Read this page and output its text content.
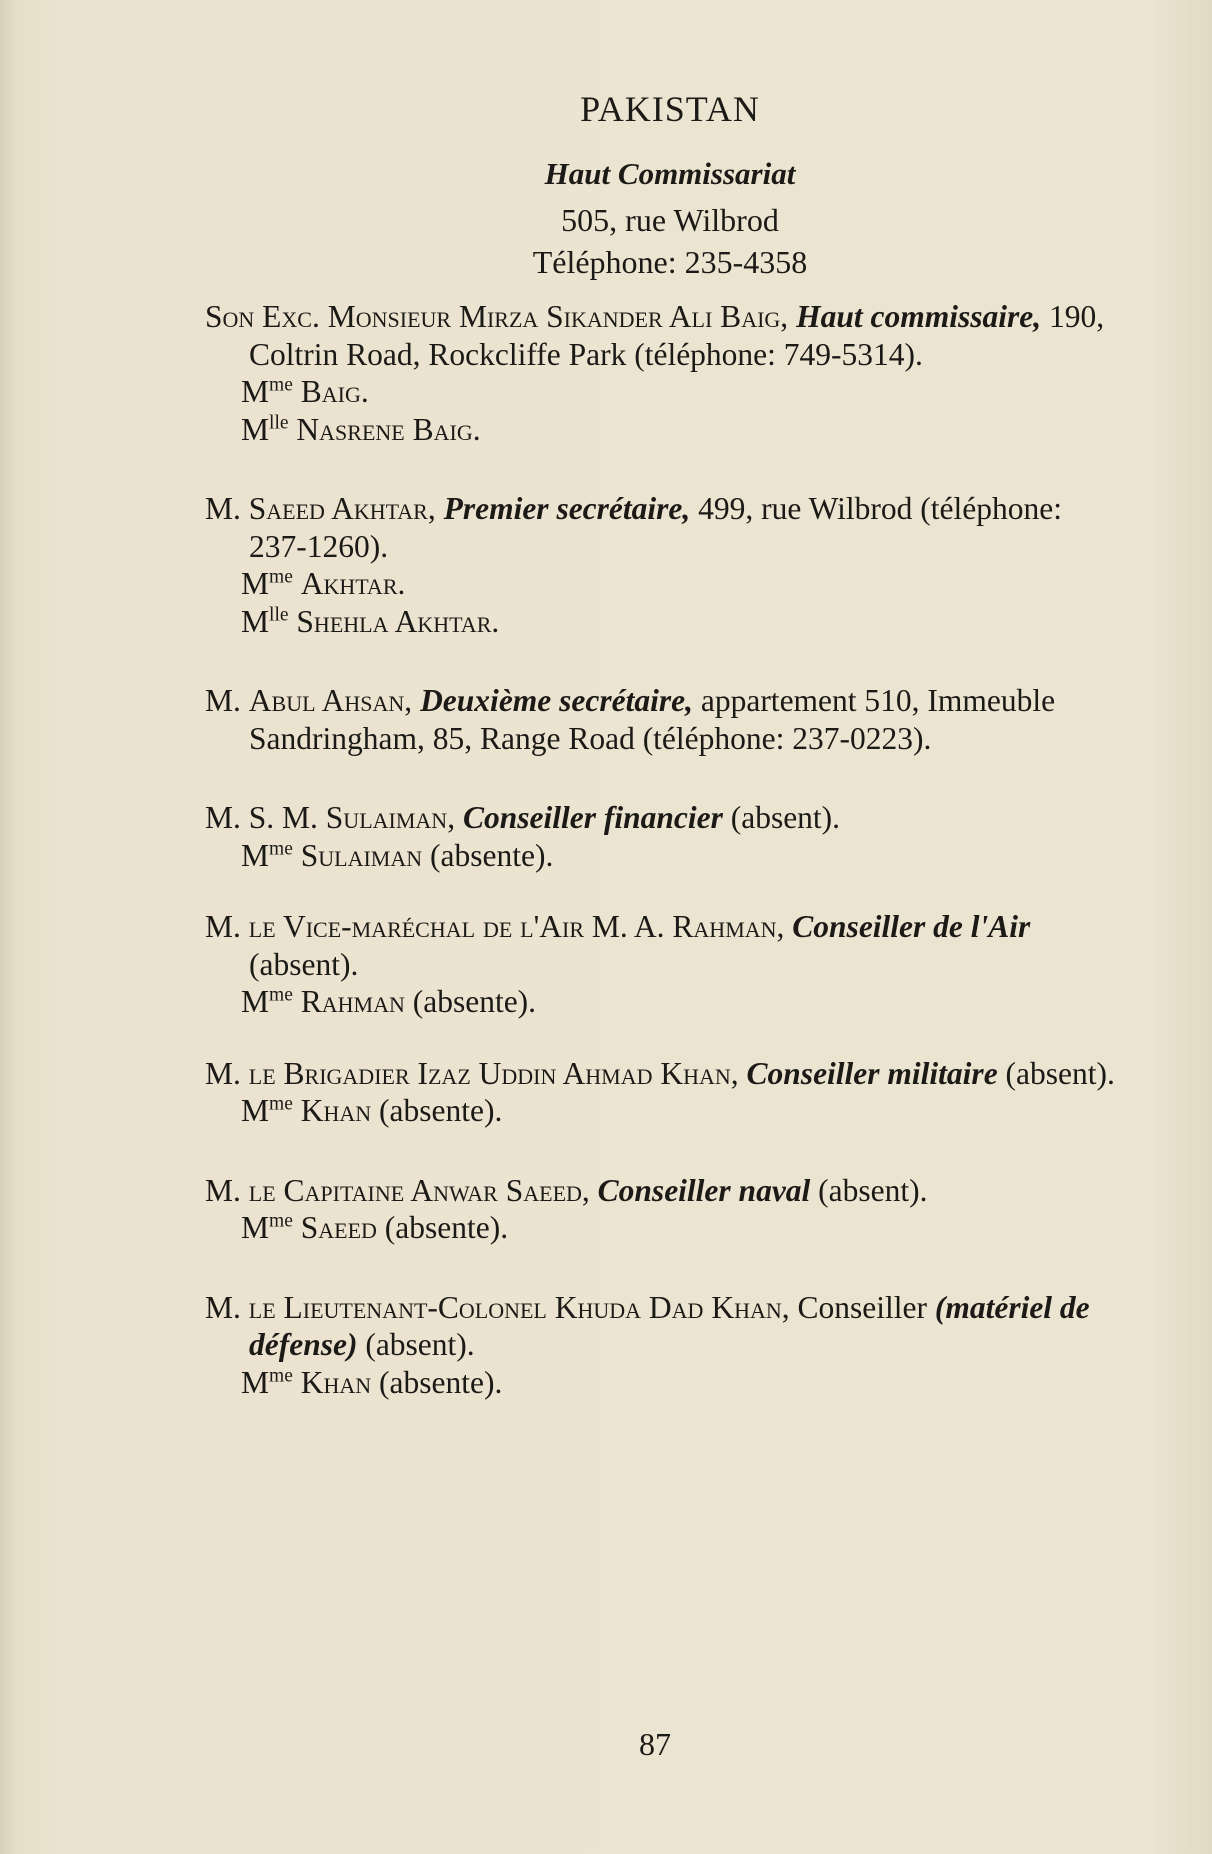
PAKISTAN
Haut Commissariat
505, rue Wilbrod
Téléphone: 235-4358

Son Exc. Monsieur Mirza Sikander Ali Baig, Haut commissaire, 190, Coltrin Road, Rockcliffe Park (téléphone: 749-5314).

$M^{me}$ Baig.

$M^{lle}$ Nasrene Baig.

M. Saeed Akhtar, Premier secrétaire, 499, rue Wilbrod (téléphone: 237-1260).

$M^{me}$ Akhtar.

$M^{lle}$ Shehla Akhtar.

M. Abul Ahsan, Deuxième secrétaire, appartement 510, Immeuble Sandringham, 85, Range Road (téléphone: 237-0223).

M. S. M. Sulaiman, Conseiller financier (absent).

$M^{me}$ Sulaiman (absente).

M. le Vice-maréchal de l'Air M. A. Rahman, Conseiller de l'Air (absent).

$M^{me}$ Rahman (absente).

M. le Brigadier Izaz Uddin Ahmad Khan, Conseiller militaire (absent).

$M^{me}$ Khan (absente).

M. le Capitaine Anwar Saeed, Conseiller naval (absent).

$M^{me}$ Saeed (absente).

M. le Lieutenant-Colonel Khuda Dad Khan, Conseiller (matériel de défense) (absent).

$M^{me}$ Khan (absente).

87
